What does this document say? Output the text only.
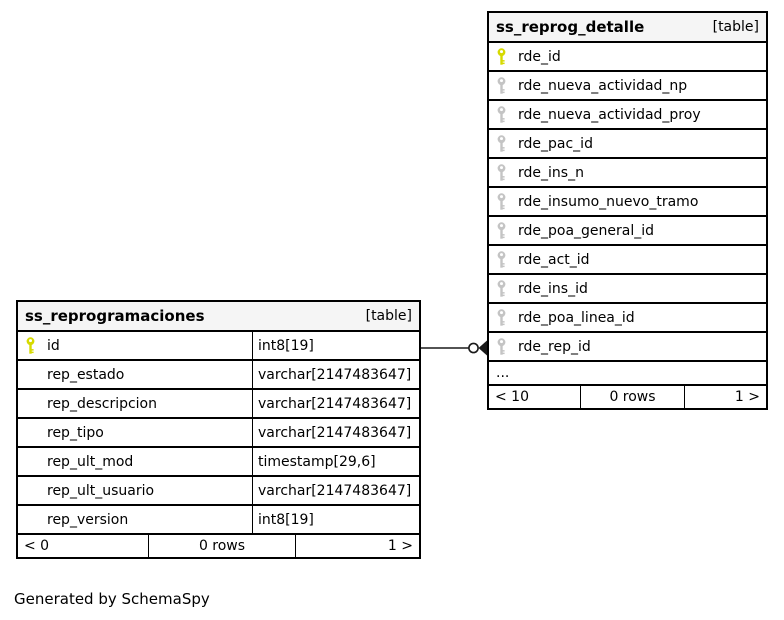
ss_reprog_detalle	[table]
rde_id
rde_nueva_actividad_np
rde_nueva_actividad_proy
rde_pac_id
rde_ins_n
rde_insumo_nuevo_tramo
rde_poa_general_id
rde_act_id
rde_ins_id
rde_poa_linea_id
rde_rep_id
...
< 10	0 rows	1 >
ss_reprogramaciones	[table]
id	int8[19]
rep_estado	varchar[2147483647]
rep_descripcion	varchar[2147483647]
rep_tipo	varchar[2147483647]
rep_ult_mod	timestamp[29,6]
rep_ult_usuario	varchar[2147483647]
rep_version	int8[19]
< 0	0 rows	1 >
Generated by SchemaSpy
